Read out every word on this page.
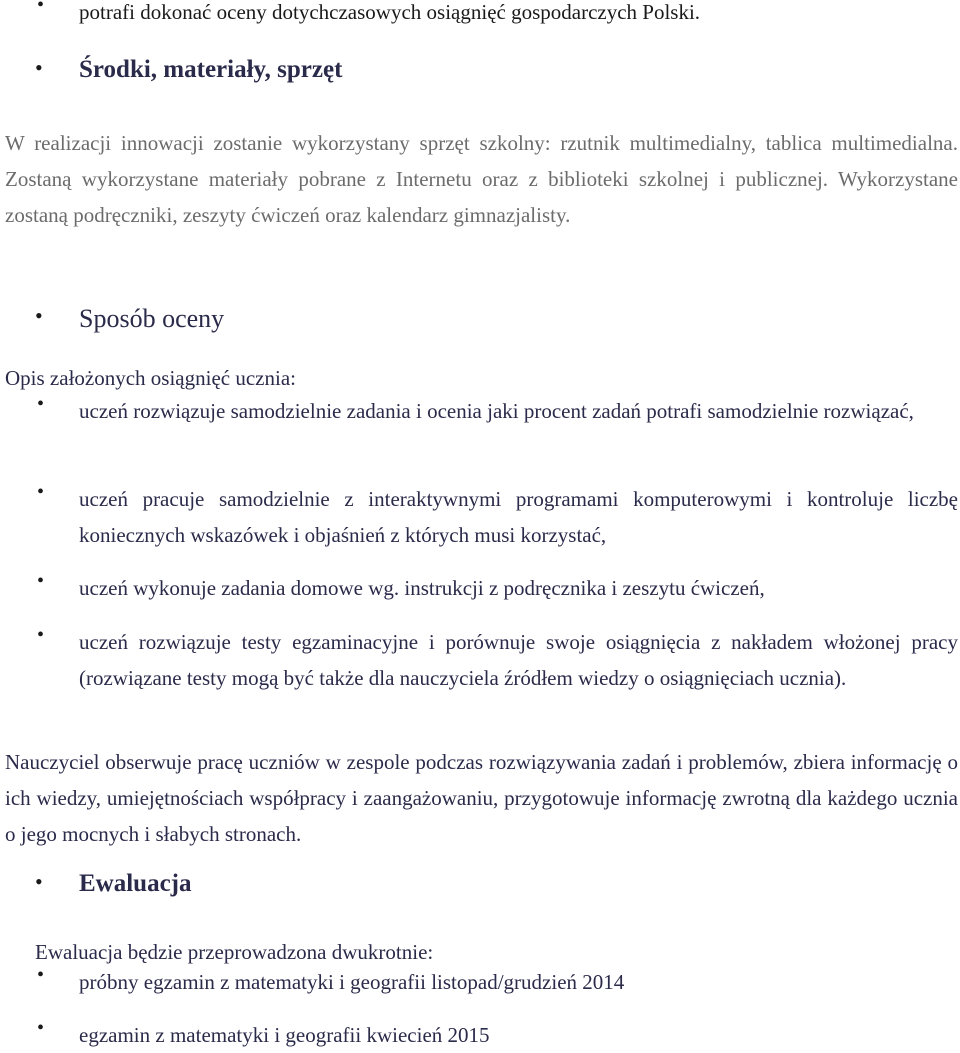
• potrafi dokonać oceny dotychczasowych osiągnięć gospodarczych Polski.
• Środki, materiały, sprzęt
W realizacji innowacji zostanie wykorzystany sprzęt szkolny: rzutnik multimedialny, tablica multimedialna. Zostaną wykorzystane materiały pobrane z Internetu oraz z biblioteki szkolnej i publicznej. Wykorzystane zostaną podręczniki, zeszyty ćwiczeń oraz kalendarz gimnazjalisty.
• Sposób oceny
Opis założonych osiągnięć ucznia:
• uczeń rozwiązuje samodzielnie zadania i ocenia jaki procent zadań potrafi samodzielnie rozwiązać,
• uczeń pracuje samodzielnie z interaktywnymi programami komputerowymi i kontroluje liczbę koniecznych wskazówek i objaśnień z których musi korzystać,
• uczeń wykonuje zadania domowe wg. instrukcji z podręcznika i zeszytu ćwiczeń,
• uczeń rozwiązuje testy egzaminacyjne i porównuje swoje osiągnięcia z nakładem włożonej pracy (rozwiązane testy mogą być także dla nauczyciela źródłem wiedzy o osiągnięciach ucznia).
Nauczyciel obserwuje pracę uczniów w zespole podczas rozwiązywania zadań i problemów, zbiera informację o ich wiedzy, umiejętnościach współpracy i zaangażowaniu, przygotowuje informację zwrotną dla każdego ucznia o jego mocnych i słabych stronach.
• Ewaluacja
Ewaluacja będzie przeprowadzona dwukrotnie:
• próbny egzamin z matematyki i geografii listopad/grudzień 2014
• egzamin z matematyki i geografii kwiecień 2015
